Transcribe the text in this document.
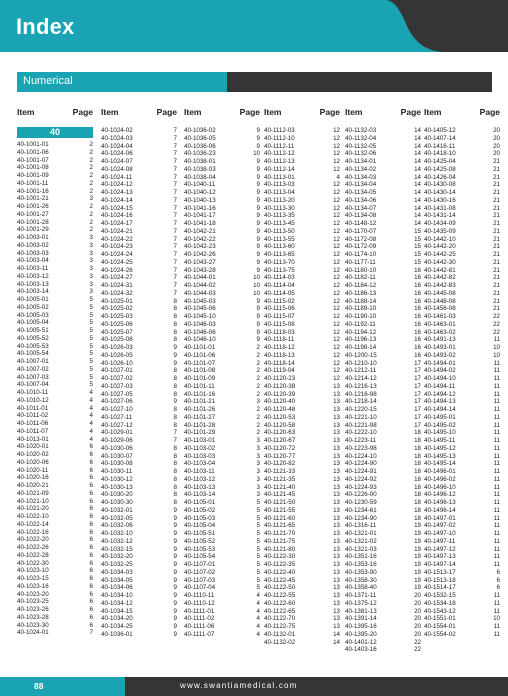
Index
Numerical
Item	Page
40
40-1001-01	2
40-1001-06	2
40-1001-07	2
40-1001-08	2
40-1001-09	2
40-1001-11	2
40-1001-16	2
40-1001-21	3
40-1001-26	2
40-1001-27	2
40-1001-28	2
40-1001-29	2
40-1003-01	3
40-1003-02	3
40-1003-03	3
40-1003-04	3
40-1003-11	3
40-1003-12	3
40-1003-13	3
40-1003-14	3
40-1005-01	5
40-1005-02	5
40-1005-03	5
40-1005-04	5
40-1005-51	5
40-1005-52	5
40-1005-53	5
40-1005-54	5
40-1007-01	5
40-1007-02	5
40-1007-03	5
40-1007-04	5
40-1010-11	4
40-1010-12	4
40-1011-01	4
40-1011-02	4
40-1011-06	4
40-1011-07	4
40-1013-01	4
40-1020-01	6
40-1020-02	6
40-1020-06	6
40-1020-11	6
40-1020-16	6
40-1020-21	6
40-1021-09	6
40-1021-10	6
40-1021-20	6
40-1022-10	6
40-1022-14	6
40-1022-16	6
40-1022-20	6
40-1022-26	6
40-1022-28	6
40-1022-30	6
40-1023-10	6
40-1023-15	6
40-1023-16	6
40-1023-20	6
40-1023-25	6
40-1023-26	6
40-1023-28	6
40-1023-30	6
40-1024-01	7
Item	Page
40-1024-02	7
40-1024-03	7
40-1024-04	7
40-1024-06	7
40-1024-07	7
40-1024-08	7
40-1024-11	7
40-1024-12	7
40-1024-13	7
40-1024-14	7
40-1024-15	7
40-1024-16	7
40-1024-17	7
40-1024-21	7
40-1024-22	7
40-1024-23	7
40-1024-24	7
40-1024-25	7
40-1024-26	7
40-1024-27	7
40-1024-31	7
40-1024-32	7
40-1025-01	8
40-1025-02	8
40-1025-03	8
40-1025-06	8
40-1025-07	8
40-1025-08	8
40-1026-03	9
40-1026-05	9
40-1026-10	9
40-1027-01	8
40-1027-02	8
40-1027-03	8
40-1027-05	8
40-1027-06	9
40-1027-10	8
40-1027-11	8
40-1027-12	8
40-1029-01	7
40-1029-06	7
40-1030-06	8
40-1030-07	8
40-1030-08	8
40-1030-11	8
40-1030-12	8
40-1030-13	8
40-1030-20	8
40-1030-30	8
40-1032-01	9
40-1032-05	9
40-1032-06	9
40-1032-10	9
40-1032-12	9
40-1032-15	9
40-1032-20	9
40-1032-25	9
40-1034-03	9
40-1034-05	9
40-1034-06	9
40-1034-10	9
40-1034-12	9
40-1034-15	9
40-1034-20	9
40-1034-25	9
40-1036-01	9
Item	Page
40-1036-02	9
40-1036-05	9
40-1036-06	9
40-1036-23	10
40-1038-01	9
40-1038-03	9
40-1038-04	9
40-1040-11	9
40-1040-12	9
40-1040-13	9
40-1041-16	9
40-1041-17	9
40-1041-18	9
40-1042-21	9
40-1042-22	9
40-1042-23	9
40-1042-26	9
40-1043-27	9
40-1043-28	9
40-1044-01	10
40-1044-02	10
40-1044-03	10
40-1045-03	9
40-1045-06	9
40-1045-10	9
40-1046-03	9
40-1046-06	9
40-1046-10	9
40-1101-01	2
40-1101-06	2
40-1101-07	2
40-1101-08	2
40-1101-09	2
40-1101-11	2
40-1101-16	2
40-1101-21	3
40-1101-26	2
40-1101-27	2
40-1101-28	2
40-1101-29	2
40-1103-01	3
40-1103-02	3
40-1103-03	3
40-1103-04	3
40-1103-11	3
40-1103-12	3
40-1103-13	3
40-1103-14	3
40-1105-01	5
40-1105-02	5
40-1105-03	5
40-1105-04	5
40-1105-51	5
40-1105-52	5
40-1105-53	5
40-1105-54	5
40-1107-01	5
40-1107-02	5
40-1107-03	5
40-1107-04	5
40-1110-11	4
40-1110-12	4
40-1111-01	4
40-1111-02	4
40-1111-06	4
40-1111-07	4
Item	Page
40-1112-03	12
40-1112-10	12
40-1112-11	12
40-1112-12	12
40-1112-13	12
40-1112-14	12
40-1113-01	4
40-1113-03	12
40-1113-04	12
40-1113-20	12
40-1113-30	12
40-1113-35	12
40-1113-45	12
40-1113-50	12
40-1113-55	12
40-1113-60	12
40-1113-65	12
40-1113-70	12
40-1113-75	12
40-1114-03	12
40-1114-04	12
40-1114-05	12
40-1115-02	12
40-1115-06	12
40-1115-07	12
40-1115-08	12
40-1118-03	12
40-1118-11	12
40-1118-12	12
40-1118-13	12
40-1118-14	12
40-1119-04	12
40-1120-23	12
40-1120-38	13
40-1120-39	13
40-1120-40	13
40-1120-48	13
40-1120-53	13
40-1120-58	13
40-1120-63	13
40-1120-67	13
40-1120-72	13
40-1120-77	13
40-1120-82	13
40-1121-33	13
40-1121-35	13
40-1121-40	13
40-1121-45	13
40-1121-50	13
40-1121-55	13
40-1121-60	13
40-1121-65	13
40-1121-70	13
40-1121-75	13
40-1121-80	13
40-1122-30	13
40-1122-35	13
40-1122-40	13
40-1122-45	13
40-1122-50	13
40-1122-55	13
40-1122-60	13
40-1122-65	13
40-1122-70	13
40-1122-75	13
40-1132-01	14
40-1132-02	14
Item	Page
40-1132-03	14
40-1132-04	14
40-1132-05	14
40-1132-06	14
40-1134-01	14
40-1134-02	14
40-1134-03	14
40-1134-04	14
40-1134-05	14
40-1134-06	14
40-1134-07	14
40-1134-08	14
40-1148-12	14
40-1170-07	15
40-1172-08	15
40-1172-09	15
40-1174-10	15
40-1177-11	15
40-1180-10	16
40-1182-11	16
40-1184-12	16
40-1186-13	16
40-1188-14	16
40-1189-10	16
40-1190-10	16
40-1192-11	16
40-1194-12	16
40-1196-13	16
40-1198-14	16
40-1200-15	16
40-1210-10	17
40-1212-11	17
40-1214-12	17
40-1216-13	17
40-1216-98	17
40-1218-14	17
40-1220-15	17
40-1221-10	17
40-1221-98	17
40-1222-10	18
40-1223-11	18
40-1223-98	18
40-1224-10	18
40-1224-90	18
40-1224-91	18
40-1224-92	18
40-1224-93	18
40-1226-00	18
40-1230-59	18
40-1234-61	18
40-1234-90	18
40-1316-11	19
40-1321-01	19
40-1321-02	19
40-1321-03	19
40-1351-16	19
40-1353-16	19
40-1353-90	19
40-1358-30	19
40-1358-40	19
40-1371-11	20
40-1375-12	20
40-1381-13	20
40-1391-14	20
40-1395-16	20
40-1395-20	20
40-1401-12	22
40-1403-16	22
Item	Page
40-1405-12	20
40-1407-14	20
40-1416-11	20
40-1418-10	20
40-1425-04	21
40-1425-08	21
40-1426-04	21
40-1430-08	21
40-1430-14	21
40-1430-16	21
40-1431-08	21
40-1431-14	21
40-1434-09	21
40-1435-09	21
40-1442-10	21
40-1442-20	21
40-1442-25	21
40-1442-30	21
40-1442-81	21
40-1442-82	21
40-1442-83	21
40-1445-08	21
40-1448-08	21
40-1456-08	21
40-1461-03	22
40-1463-01	22
40-1463-02	22
40-1491-13	11
40-1493-01	10
40-1493-02	10
40-1494-01	11
40-1494-02	11
40-1494-10	11
40-1494-11	11
40-1494-12	11
40-1494-13	11
40-1494-14	11
40-1495-01	11
40-1495-02	11
40-1495-10	11
40-1495-11	11
40-1495-12	11
40-1495-13	11
40-1495-14	11
40-1496-01	11
40-1496-02	11
40-1496-10	11
40-1496-12	11
40-1496-13	11
40-1496-14	11
40-1497-01	11
40-1497-02	11
40-1497-10	11
40-1497-11	11
40-1497-12	11
40-1497-13	11
40-1497-14	11
40-1513-17	6
40-1513-18	6
40-1514-17	6
40-1532-15	11
40-1534-18	11
40-1543-12	11
40-1551-01	10
40-1554-01	11
40-1554-02	11
88	www.swantiamedical.com
